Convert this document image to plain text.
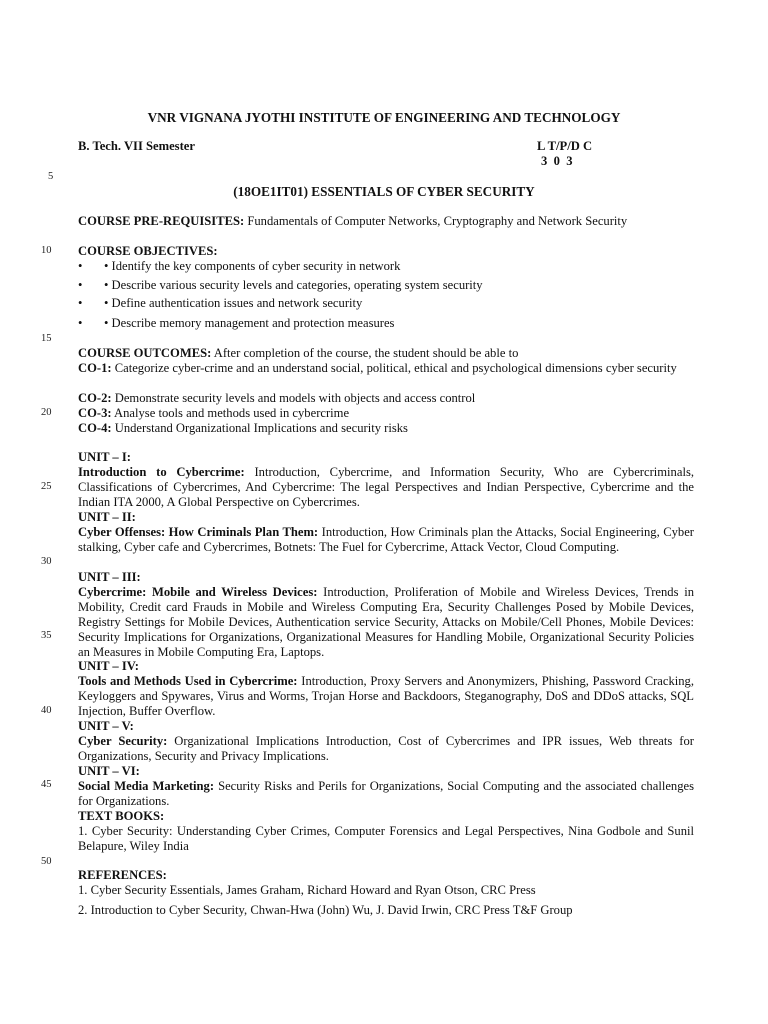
VNR VIGNANA JYOTHI INSTITUTE OF ENGINEERING AND TECHNOLOGY
B. Tech. VII Semester	L T/P/D C
3  0  3
(18OE1IT01) ESSENTIALS OF CYBER SECURITY
5
10
15
20
25
30
35
40
45
50
COURSE PRE-REQUISITES: Fundamentals of Computer Networks, Cryptography and Network Security
COURSE OBJECTIVES:
• • Identify the key components of cyber security in network
• • Describe various security levels and categories, operating system security
• • Define authentication issues and network security
• • Describe memory management and protection measures
COURSE OUTCOMES: After completion of the course, the student should be able to
CO-1: Categorize cyber-crime and an understand social, political, ethical and psychological dimensions cyber security
CO-2: Demonstrate security levels and models with objects and access control
CO-3: Analyse tools and methods used in cybercrime
CO-4: Understand Organizational Implications and security risks
UNIT – I:
Introduction to Cybercrime: Introduction, Cybercrime, and Information Security, Who are Cybercriminals, Classifications of Cybercrimes, And Cybercrime: The legal Perspectives and Indian Perspective, Cybercrime and the Indian ITA 2000, A Global Perspective on Cybercrimes.
UNIT – II:
Cyber Offenses: How Criminals Plan Them: Introduction, How Criminals plan the Attacks, Social Engineering, Cyber stalking, Cyber cafe and Cybercrimes, Botnets: The Fuel for Cybercrime, Attack Vector, Cloud Computing.
UNIT – III:
Cybercrime: Mobile and Wireless Devices: Introduction, Proliferation of Mobile and Wireless Devices, Trends in Mobility, Credit card Frauds in Mobile and Wireless Computing Era, Security Challenges Posed by Mobile Devices, Registry Settings for Mobile Devices, Authentication service Security, Attacks on Mobile/Cell Phones, Mobile Devices: Security Implications for Organizations, Organizational Measures for Handling Mobile, Organizational Security Policies an Measures in Mobile Computing Era, Laptops.
UNIT – IV:
Tools and Methods Used in Cybercrime: Introduction, Proxy Servers and Anonymizers, Phishing, Password Cracking, Keyloggers and Spywares, Virus and Worms, Trojan Horse and Backdoors, Steganography, DoS and DDoS attacks, SQL Injection, Buffer Overflow.
UNIT – V:
Cyber Security: Organizational Implications Introduction, Cost of Cybercrimes and IPR issues, Web threats for Organizations, Security and Privacy Implications.
UNIT – VI:
Social Media Marketing: Security Risks and Perils for Organizations, Social Computing and the associated challenges for Organizations.
TEXT BOOKS:
1. Cyber Security: Understanding Cyber Crimes, Computer Forensics and Legal Perspectives, Nina Godbole and Sunil Belapure, Wiley India
REFERENCES:
1. Cyber Security Essentials, James Graham, Richard Howard and Ryan Otson, CRC Press
2. Introduction to Cyber Security, Chwan-Hwa (John) Wu, J. David Irwin, CRC Press T&F Group
